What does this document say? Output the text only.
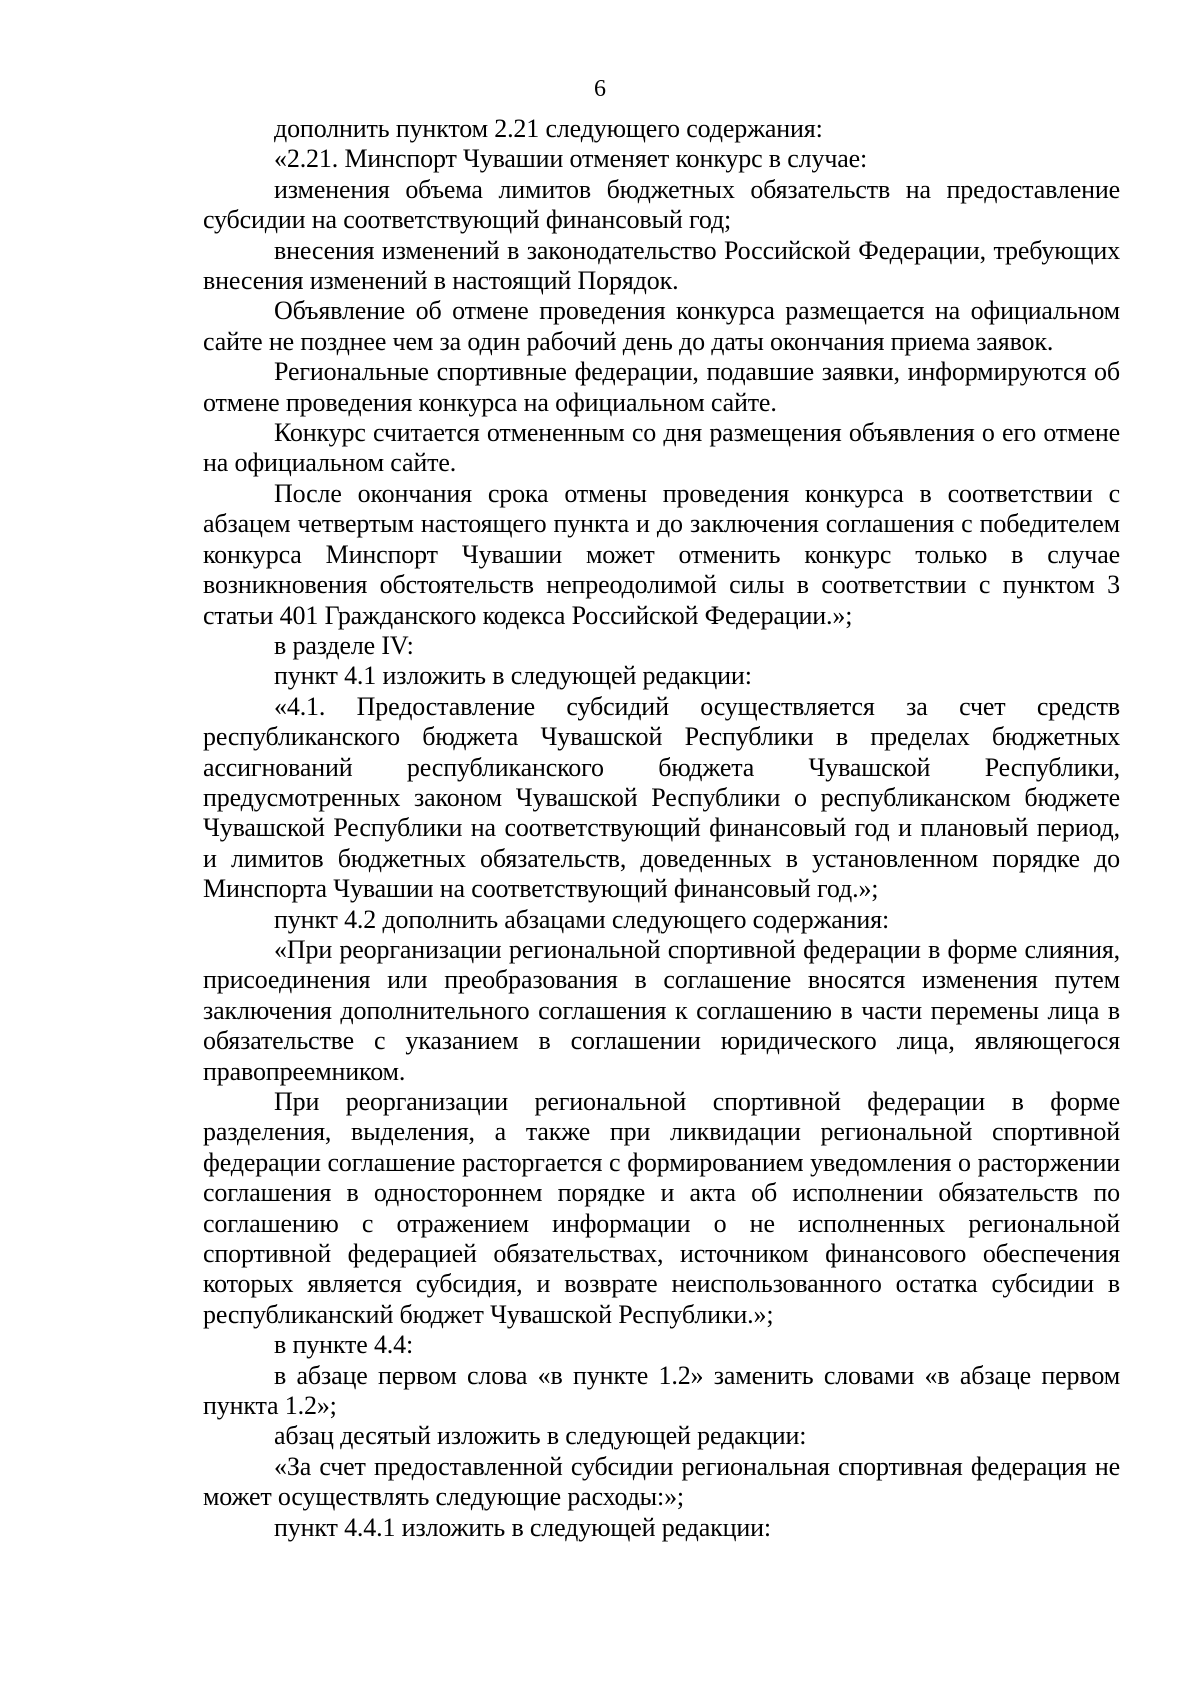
6

дополнить пунктом 2.21 следующего содержания:

«2.21. Минспорт Чувашии отменяет конкурс в случае:

изменения объема лимитов бюджетных обязательств на предоставление субсидии на соответствующий финансовый год;

внесения изменений в законодательство Российской Федерации, требующих внесения изменений в настоящий Порядок.

Объявление об отмене проведения конкурса размещается на официальном сайте не позднее чем за один рабочий день до даты окончания приема заявок.

Региональные спортивные федерации, подавшие заявки, информируются об отмене проведения конкурса на официальном сайте.

Конкурс считается отмененным со дня размещения объявления о его отмене на официальном сайте.

После окончания срока отмены проведения конкурса в соответствии с абзацем четвертым настоящего пункта и до заключения соглашения с победителем конкурса Минспорт Чувашии может отменить конкурс только в случае возникновения обстоятельств непреодолимой силы в соответствии с пунктом 3 статьи 401 Гражданского кодекса Российской Федерации.»;

в разделе IV:

пункт 4.1 изложить в следующей редакции:

«4.1. Предоставление субсидий осуществляется за счет средств республиканского бюджета Чувашской Республики в пределах бюджетных ассигнований республиканского бюджета Чувашской Республики, предусмотренных законом Чувашской Республики о республиканском бюджете Чувашской Республики на соответствующий финансовый год и плановый период, и лимитов бюджетных обязательств, доведенных в установленном порядке до Минспорта Чувашии на соответствующий финансовый год.»;

пункт 4.2 дополнить абзацами следующего содержания:

«При реорганизации региональной спортивной федерации в форме слияния, присоединения или преобразования в соглашение вносятся изменения путем заключения дополнительного соглашения к соглашению в части перемены лица в обязательстве с указанием в соглашении юридического лица, являющегося правопреемником.

При реорганизации региональной спортивной федерации в форме разделения, выделения, а также при ликвидации региональной спортивной федерации соглашение расторгается с формированием уведомления о расторжении соглашения в одностороннем порядке и акта об исполнении обязательств по соглашению с отражением информации о не исполненных региональной спортивной федерацией обязательствах, источником финансового обеспечения которых является субсидия, и возврате неиспользованного остатка субсидии в республиканский бюджет Чувашской Республики.»;

в пункте 4.4:

в абзаце первом слова «в пункте 1.2» заменить словами «в абзаце первом пункта 1.2»;

абзац десятый изложить в следующей редакции:

«За счет предоставленной субсидии региональная спортивная федерация не может осуществлять следующие расходы:»;

пункт 4.4.1 изложить в следующей редакции:
